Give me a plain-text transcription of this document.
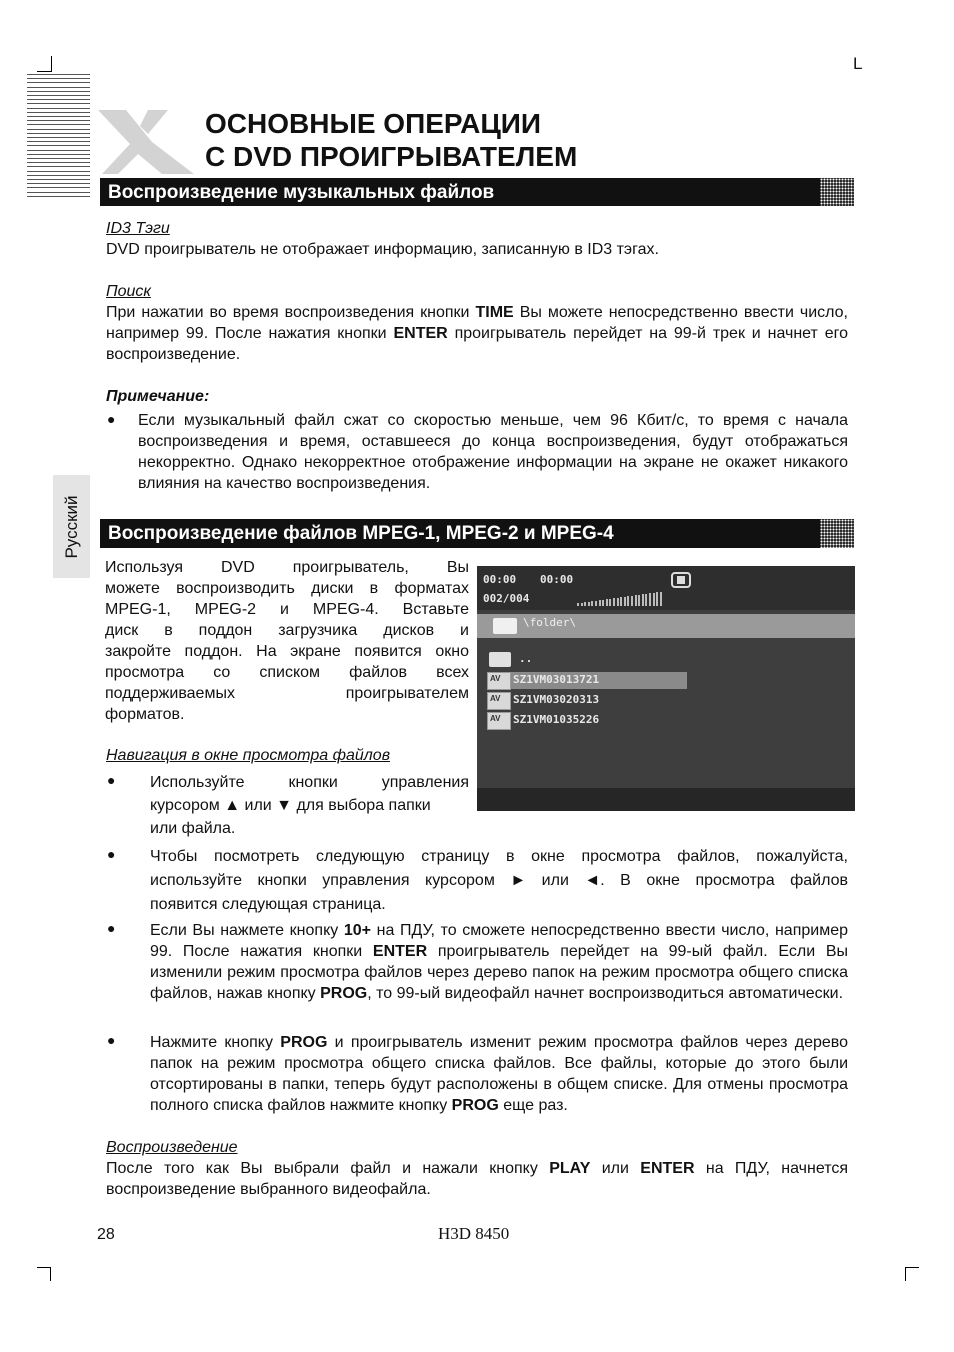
L
ОСНОВНЫЕ ОПЕРАЦИИ
С DVD ПРОИГРЫВАТЕЛЕМ
Русский
Воспроизведение музыкальных файлов
ID3 Тэги
DVD проигрыватель не отображает информацию, записанную в ID3 тэгах.
Поиск
При нажатии во время воспроизведения кнопки TIME Вы можете непосредственно ввести число, например 99. После нажатия кнопки ENTER проигрыватель перейдет на 99-й трек и начнет его воспроизведение.
Примечание:
● Если музыкальный файл сжат со скоростью меньше, чем 96 Кбит/с, то время с начала воспроизведения и время, оставшееся до конца воспроизведения, будут отображаться некорректно. Однако некорректное отображение информации на экране не окажет никакого влияния на качество воспроизведения.
Воспроизведение файлов MPEG-1, MPEG-2 и MPEG-4
Используя DVD проигрыватель, Вы
можете воспроизводить диски в форматах
MPEG-1, MPEG-2 и MPEG-4. Вставьте
диск в поддон загрузчика дисков и
закройте поддон. На экране появится окно
просмотра со списком файлов всех
поддерживаемых проигрывателем
форматов.
00:00 00:00
002/004
\folder\
..
AV SZ1VM03013721
AV SZ1VM03020313
AV SZ1VM01035226
Навигация в окне просмотра файлов
● Используйте кнопки управления
курсором ▲ или ▼ для выбора папки
или файла.
● Чтобы посмотреть следующую страницу в окне просмотра файлов, пожалуйста,
используйте кнопки управления курсором ► или ◄. В окне просмотра файлов
появится следующая страница.
● Если Вы нажмете кнопку 10+ на ПДУ, то сможете непосредственно ввести число, например 99. После нажатия кнопки ENTER проигрыватель перейдет на 99-ый файл. Если Вы изменили режим просмотра файлов через дерево папок на режим просмотра общего списка файлов, нажав кнопку PROG, то 99-ый видеофайл начнет воспроизводиться автоматически.
● Нажмите кнопку PROG и проигрыватель изменит режим просмотра файлов через дерево папок на режим просмотра общего списка файлов. Все файлы, которые до этого были отсортированы в папки, теперь будут расположены в общем списке. Для отмены просмотра полного списка файлов нажмите кнопку PROG еще раз.
Воспроизведение
После того как Вы выбрали файл и нажали кнопку PLAY или ENTER на ПДУ, начнется
воспроизведение выбранного видеофайла.
28	H3D 8450
